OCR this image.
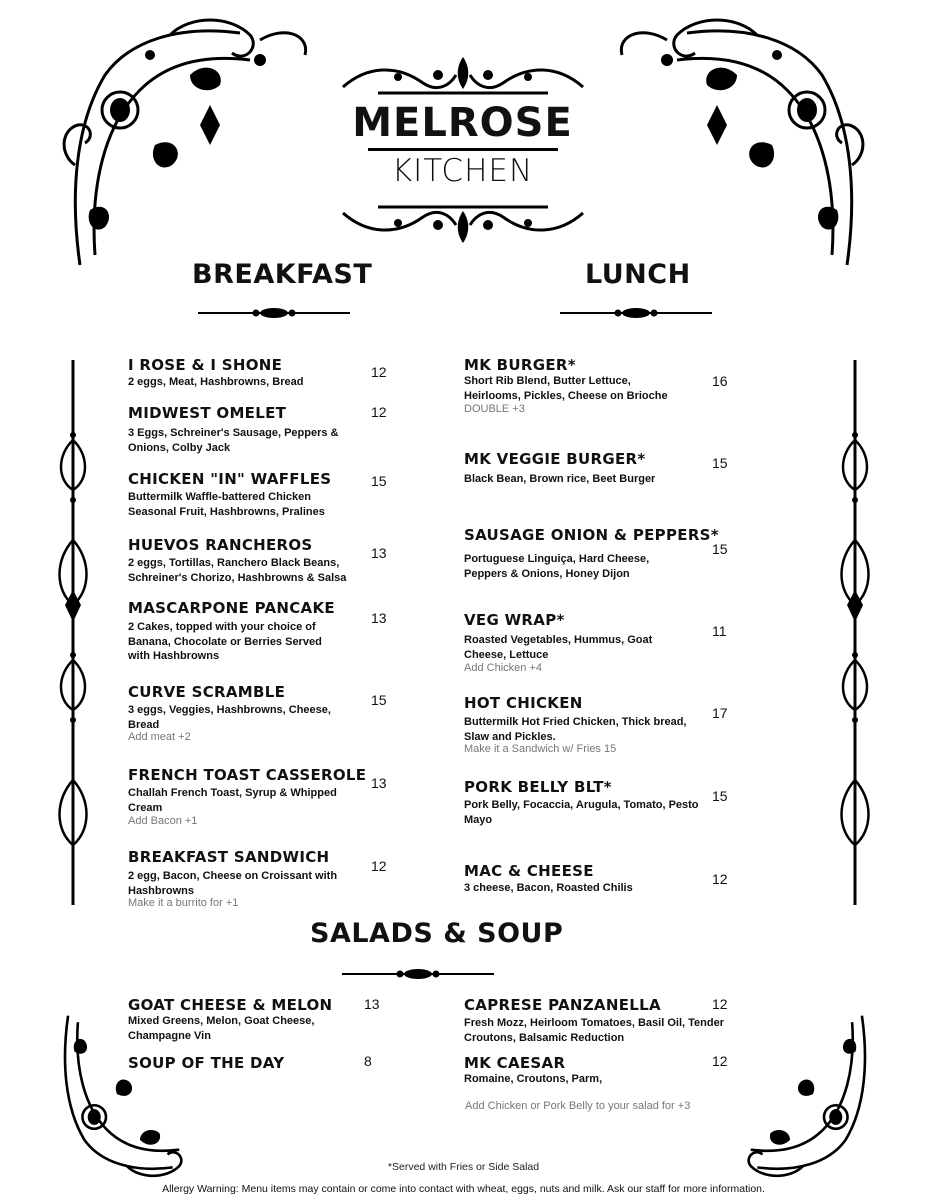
MELROSE
KITCHEN
BREAKFAST	LUNCH
SALADS & SOUP
I ROSE & I SHONE
2 eggs, Meat, Hashbrowns, Bread
12
MIDWEST OMELET
3 Eggs, Schreiner's Sausage, Peppers & Onions, Colby Jack
12
CHICKEN "IN" WAFFLES
Buttermilk Waffle-battered Chicken Seasonal Fruit, Hashbrowns, Pralines
15
HUEVOS RANCHEROS
2 eggs, Tortillas, Ranchero Black Beans, Schreiner's Chorizo, Hashbrowns & Salsa
13
MASCARPONE PANCAKE
2 Cakes, topped with your choice of Banana, Chocolate or Berries Served with Hashbrowns
13
CURVE SCRAMBLE
3 eggs, Veggies, Hashbrowns, Cheese, Bread
Add meat +2
15
FRENCH TOAST CASSEROLE
Challah French Toast, Syrup & Whipped Cream
Add Bacon +1
13
BREAKFAST SANDWICH
2 egg, Bacon, Cheese on Croissant with Hashbrowns
Make it a burrito for +1
12
MK BURGER*
Short Rib Blend, Butter Lettuce, Heirlooms, Pickles, Cheese on Brioche
DOUBLE +3
16
MK VEGGIE BURGER*
Black Bean, Brown rice, Beet Burger
15
SAUSAGE ONION & PEPPERS*
Portuguese Linguiça, Hard Cheese, Peppers & Onions, Honey Dijon
15
VEG WRAP*
Roasted Vegetables, Hummus, Goat Cheese, Lettuce
Add Chicken +4
11
HOT CHICKEN
Buttermilk Hot Fried Chicken, Thick bread, Slaw and Pickles.
Make it a Sandwich w/ Fries 15
17
PORK BELLY BLT*
Pork Belly, Focaccia, Arugula, Tomato, Pesto Mayo
15
MAC & CHEESE
3 cheese, Bacon, Roasted Chilis
12
GOAT CHEESE & MELON
Mixed Greens, Melon, Goat Cheese, Champagne Vin
13
SOUP OF THE DAY	8
CAPRESE PANZANELLA
Fresh Mozz, Heirloom Tomatoes, Basil Oil, Tender Croutons, Balsamic Reduction
12
MK CAESAR
Romaine, Croutons, Parm,
12
Add Chicken or Pork Belly to your salad for +3
*Served with Fries or Side Salad
Allergy Warning: Menu items may contain or come into contact with wheat, eggs, nuts and milk. Ask our staff for more information.
